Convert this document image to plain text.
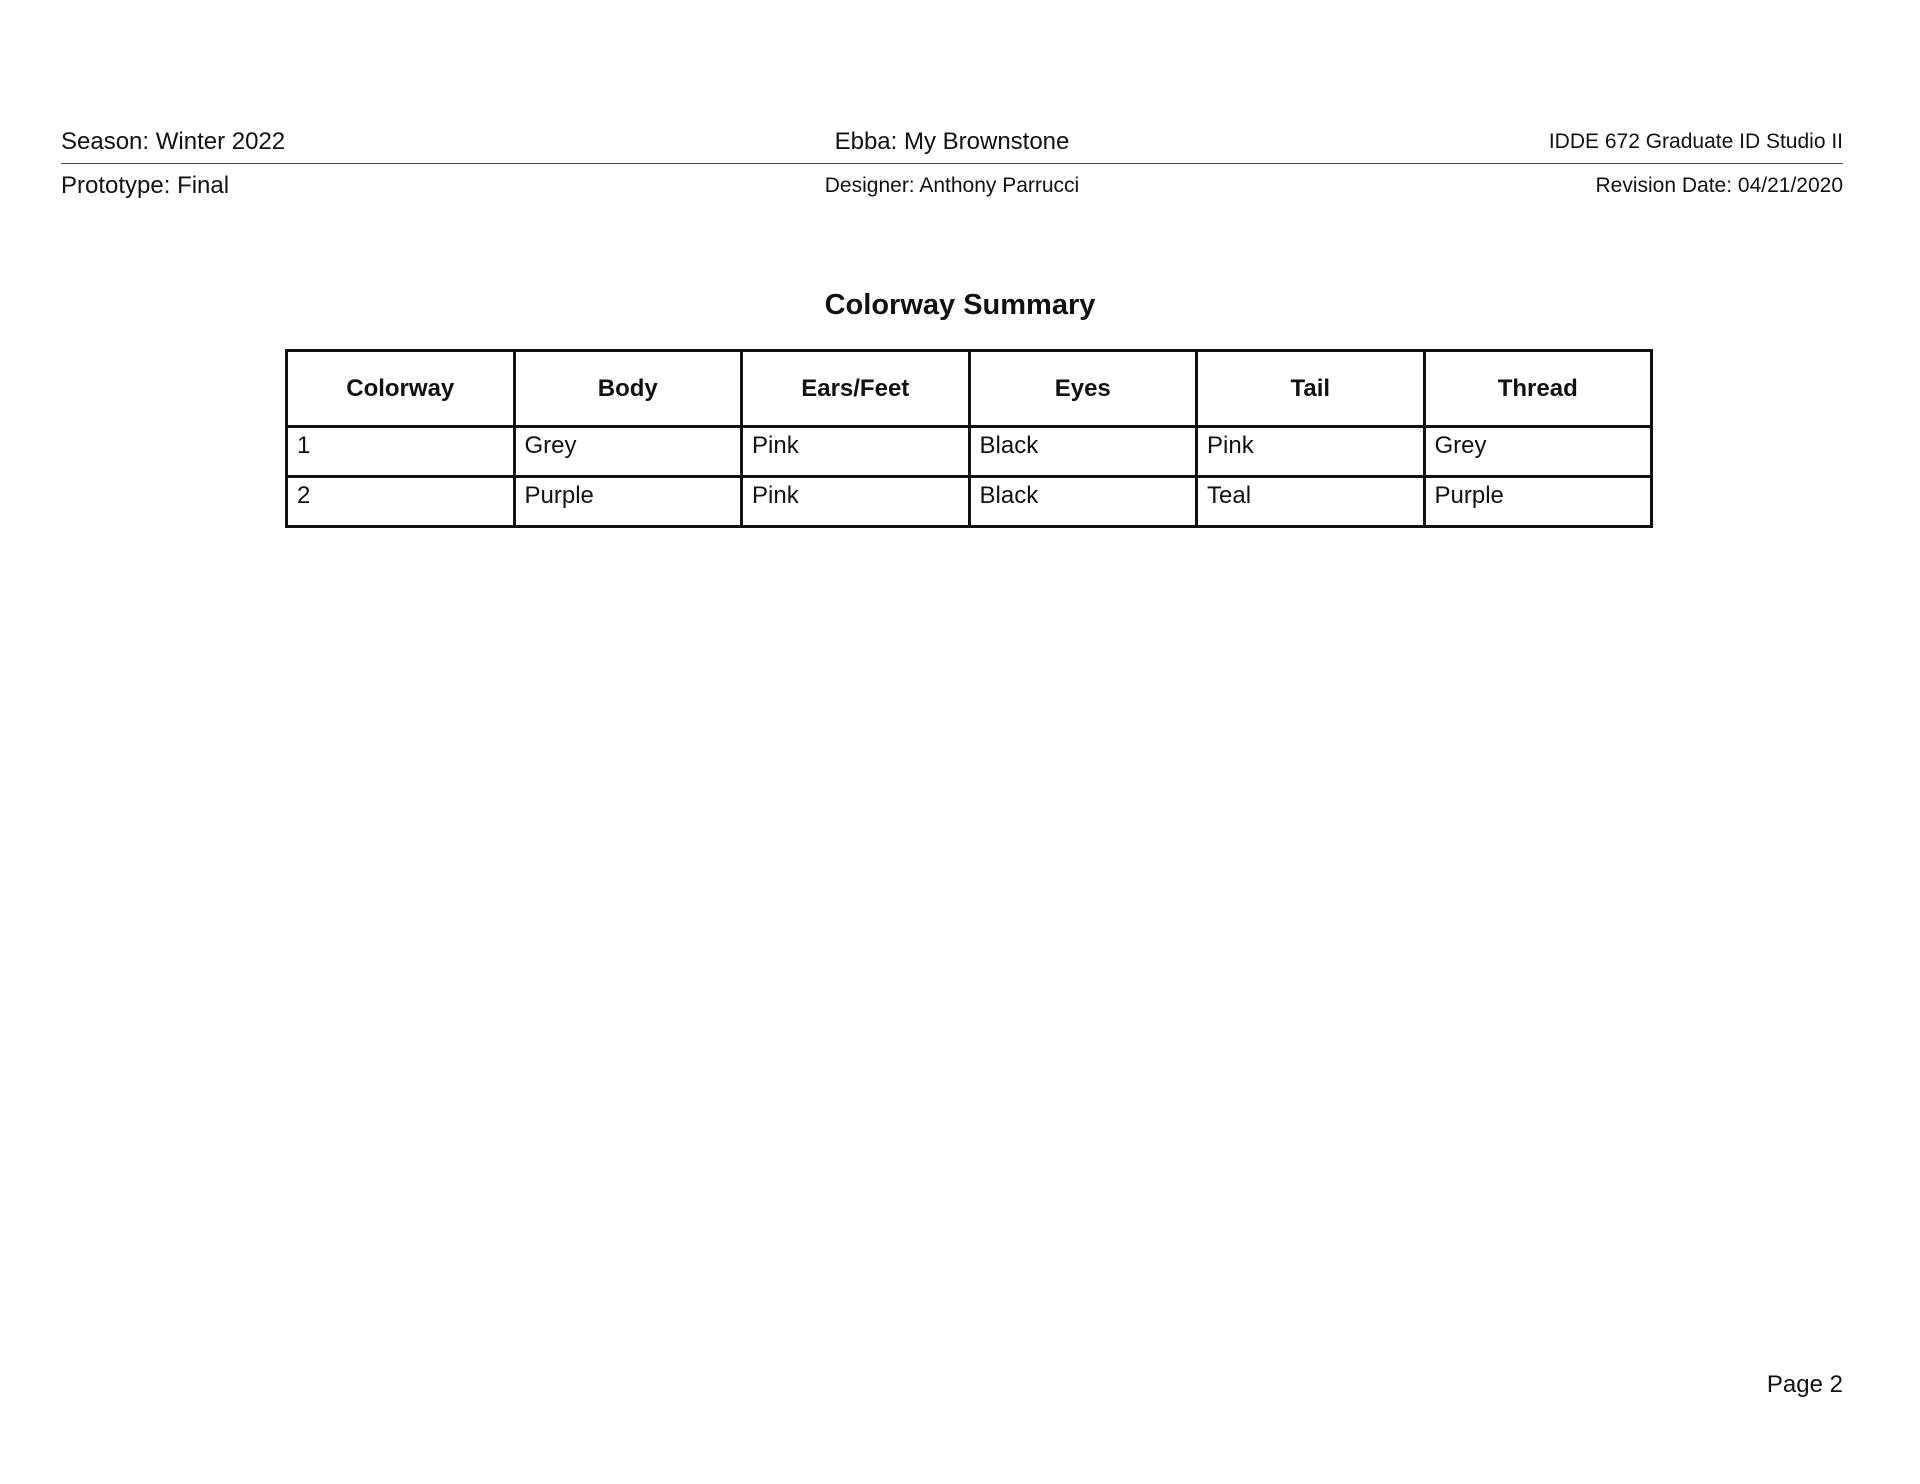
Season: Winter 2022	Ebba: My Brownstone	IDDE 672 Graduate ID Studio II
Prototype: Final	Designer: Anthony Parrucci	Revision Date: 04/21/2020
Colorway Summary
Colorway	Body	Ears/Feet	Eyes	Tail	Thread
1	Grey	Pink	Black	Pink	Grey
2	Purple	Pink	Black	Teal	Purple
Page 2
